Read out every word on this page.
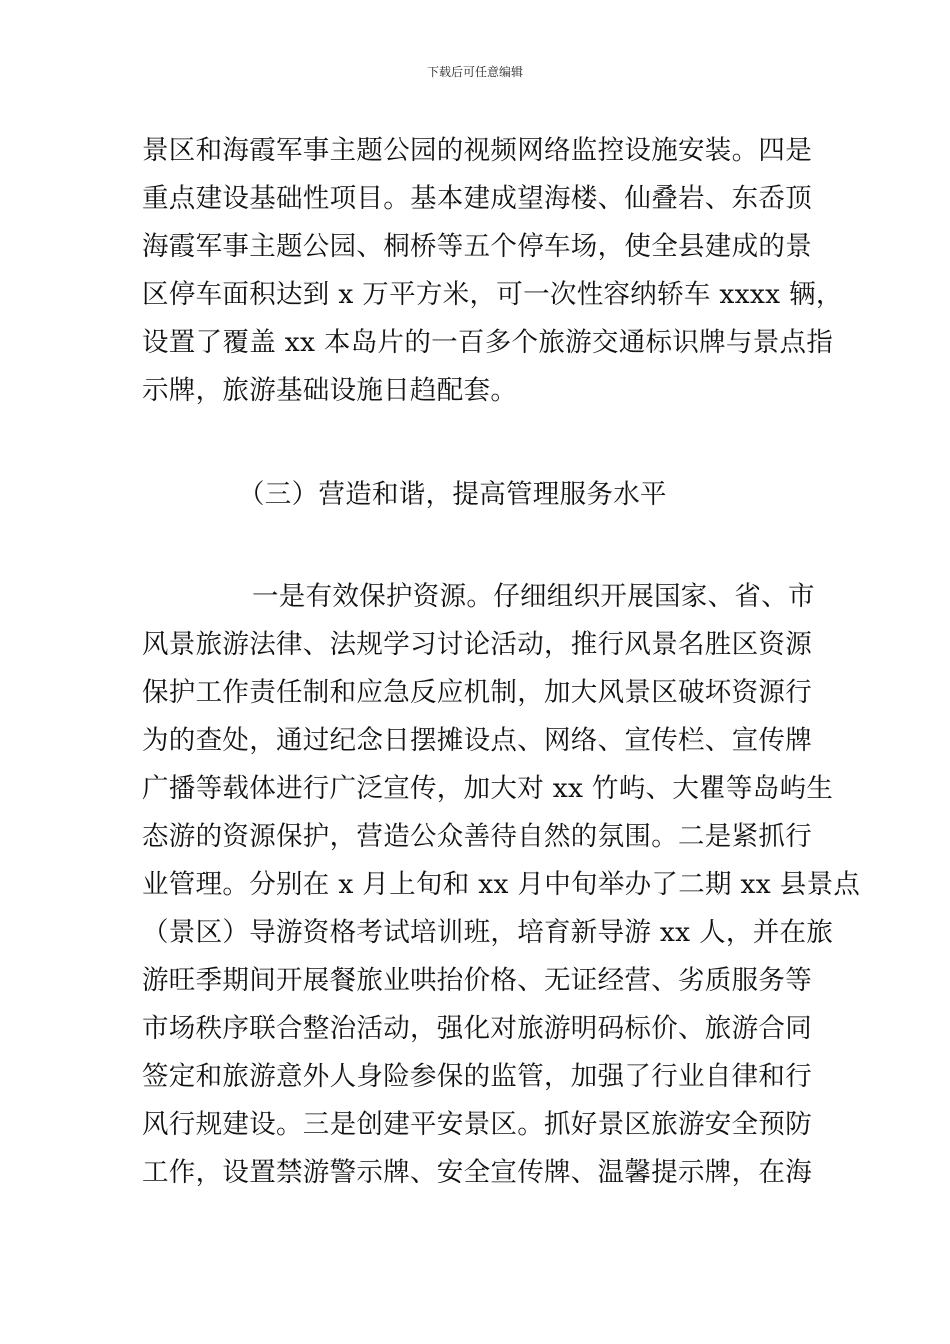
下载后可任意编辑
景区和海霞军事主题公园的视频网络监控设施安装。四是
重点建设基础性项目。基本建成望海楼、仙叠岩、东岙顶
海霞军事主题公园、桐桥等五个停车场，使全县建成的景
区停车面积达到 x 万平方米，可一次性容纳轿车 xxxx 辆，
设置了覆盖 xx 本岛片的一百多个旅游交通标识牌与景点指
示牌，旅游基础设施日趋配套。
（三）营造和谐，提高管理服务水平
一是有效保护资源。仔细组织开展国家、省、市
风景旅游法律、法规学习讨论活动，推行风景名胜区资源
保护工作责任制和应急反应机制，加大风景区破坏资源行
为的查处，通过纪念日摆摊设点、网络、宣传栏、宣传牌
广播等载体进行广泛宣传，加大对 xx 竹屿、大瞿等岛屿生
态游的资源保护，营造公众善待自然的氛围。二是紧抓行
业管理。分别在 x 月上旬和 xx 月中旬举办了二期 xx 县景点
（景区）导游资格考试培训班，培育新导游 xx 人，并在旅
游旺季期间开展餐旅业哄抬价格、无证经营、劣质服务等
市场秩序联合整治活动，强化对旅游明码标价、旅游合同
签定和旅游意外人身险参保的监管，加强了行业自律和行
风行规建设。三是创建平安景区。抓好景区旅游安全预防
工作，设置禁游警示牌、安全宣传牌、温馨提示牌，在海
